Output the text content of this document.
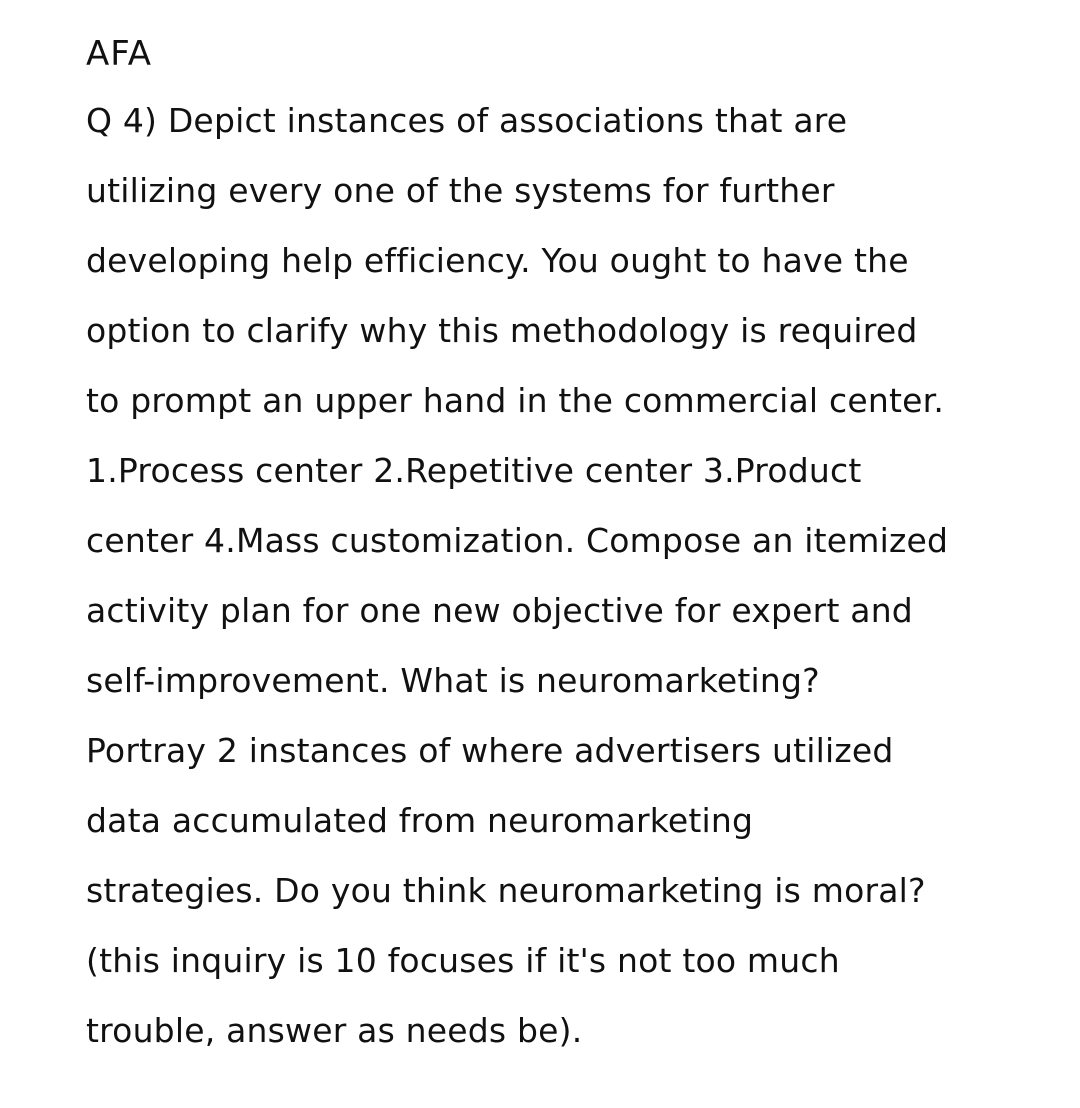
AFA
Q 4) Depict instances of associations that are
utilizing every one of the systems for further
developing help efficiency. You ought to have the
option to clarify why this methodology is required
to prompt an upper hand in the commercial center.
1.Process center 2.Repetitive center 3.Product
center 4.Mass customization. Compose an itemized
activity plan for one new objective for expert and
self-improvement. What is neuromarketing?
Portray 2 instances of where advertisers utilized
data accumulated from neuromarketing
strategies. Do you think neuromarketing is moral?
(this inquiry is 10 focuses if it's not too much
trouble, answer as needs be).
